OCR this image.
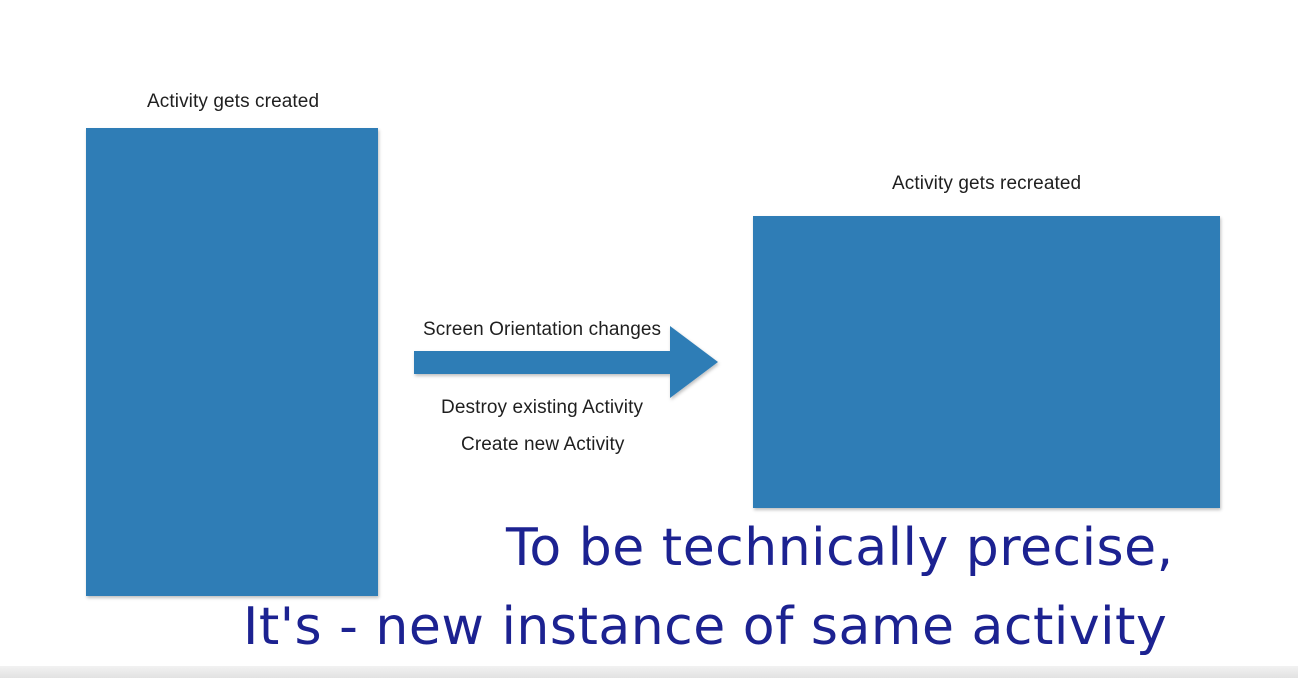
Activity gets created
Screen Orientation changes
Destroy existing Activity
Create new Activity
Activity gets recreated
To be technically precise,
It's - new instance of same activity
